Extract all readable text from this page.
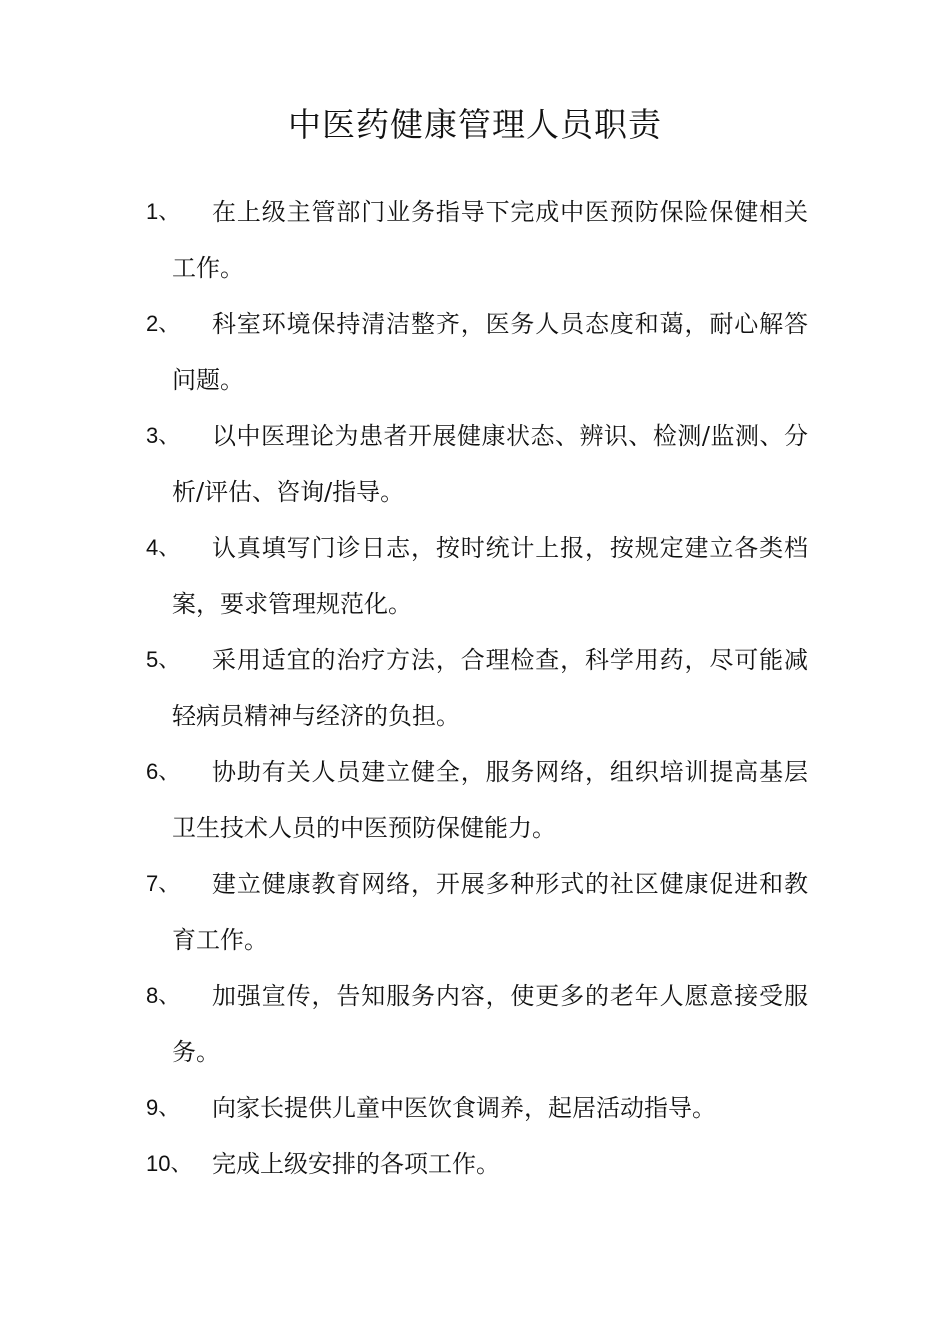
中医药健康管理人员职责
1、	在上级主管部门业务指导下完成中医预防保险保健相关工作。
2、	科室环境保持清洁整齐，医务人员态度和蔼，耐心解答问题。
3、	以中医理论为患者开展健康状态、辨识、检测/监测、分析/评估、咨询/指导。
4、	认真填写门诊日志，按时统计上报，按规定建立各类档案，要求管理规范化。
5、	采用适宜的治疗方法，合理检查，科学用药，尽可能减轻病员精神与经济的负担。
6、	协助有关人员建立健全，服务网络，组织培训提高基层卫生技术人员的中医预防保健能力。
7、	建立健康教育网络，开展多种形式的社区健康促进和教育工作。
8、	加强宣传，告知服务内容，使更多的老年人愿意接受服务。
9、	向家长提供儿童中医饮食调养，起居活动指导。
10、 完成上级安排的各项工作。
